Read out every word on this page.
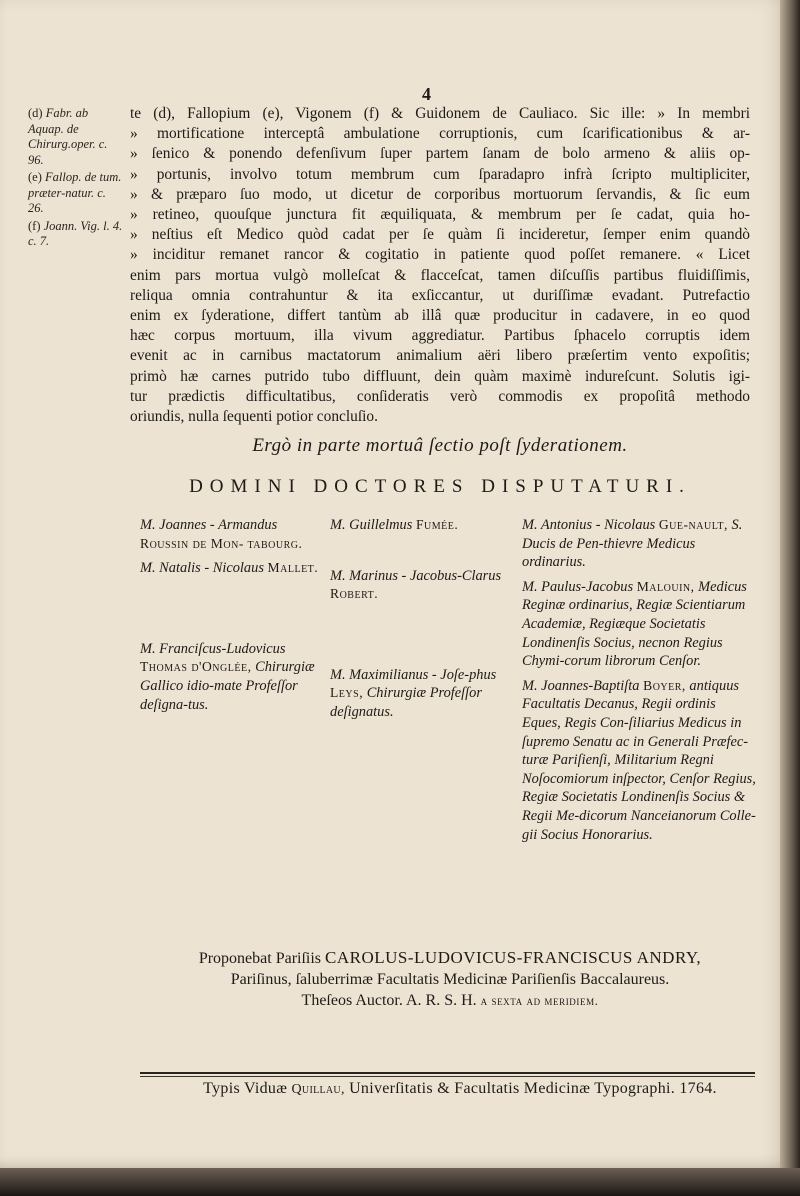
4
(d) Fabr. ab Aquap. de Chirurg.oper. c. 96.
(e) Fallop. de tum. præter-natur. c. 26.
(f) Joann. Vig. l. 4. c. 7.
te (d), Fallopium (e), Vigonem (f) & Guidonem de Cauliaco. Sic ille: » In membri
» mortificatione interceptâ ambulatione corruptionis, cum ſcarificationibus & ar-
» ſenico & ponendo defenſivum ſuper partem ſanam de bolo armeno & aliis op-
» portunis, involvo totum membrum cum ſparadapro infrà ſcripto multipliciter,
» & præparo ſuo modo, ut dicetur de corporibus mortuorum ſervandis, & ſic eum
» retineo, quouſque junctura fit æquiliquata, & membrum per ſe cadat, quia ho-
» neſtius eſt Medico quòd cadat per ſe quàm ſi incideretur, ſemper enim quandò
» inciditur remanet rancor & cogitatio in patiente quod poſſet remanere. « Licet
enim pars mortua vulgò molleſcat & flacceſcat, tamen diſcuſſis partibus fluidiſſimis,
reliqua omnia contrahuntur & ita exſiccantur, ut duriſſimæ evadant. Putrefactio
enim ex ſyderatione, differt tantùm ab illâ quæ producitur in cadavere, in eo quod
hæc corpus mortuum, illa vivum aggrediatur. Partibus ſphacelo corruptis idem
evenit ac in carnibus mactatorum animalium aëri libero præſertim vento expoſitis;
primò hæ carnes putrido tubo diffluunt, dein quàm maximè indureſcunt. Solutis igi-
tur prædictis difficultatibus, conſideratis verò commodis ex propoſitâ methodo
oriundis, nulla ſequenti potior concluſio.
Ergò in parte mortuâ ſectio poſt ſyderationem.
DOMINI DOCTORES DISPUTATURI.
M. Joannes - Armandus Roussin de Mon- tabourg.
M. Natalis - Nicolaus Mallet.
M. Franciſcus-Ludovicus Thomas d'Onglée, Chirurgiæ Gallico idio-mate Profeſſor deſigna-tus.
M. Guillelmus Fumée.
M. Marinus - Jacobus-Clarus Robert.
M. Maximilianus - Joſe-phus Leys, Chirurgiæ Profeſſor deſignatus.
M. Antonius - Nicolaus Gue-nault, S. Ducis de Pen-thievre Medicus ordinarius.
M. Paulus-Jacobus Malouin, Medicus Reginæ ordinarius, Regiæ Scientiarum Academiæ, Regiæque Societatis Londinenſis Socius, necnon Regius Chymi-corum librorum Cenſor.
M. Joannes-Baptiſta Boyer, antiquus Facultatis Decanus, Regii ordinis Eques, Regis Con-ſiliarius Medicus in ſupremo Senatu ac in Generali Præfec-turæ Pariſienſi, Militarium Regni Noſocomiorum inſpector, Cenſor Regius, Regiæ Societatis Londinenſis Socius & Regii Me-dicorum Nanceianorum Colle-gii Socius Honorarius.
Proponebat Pariſiis CAROLUS-LUDOVICUS-FRANCISCUS ANDRY,
Pariſinus, ſaluberrimæ Facultatis Medicinæ Pariſienſis Baccalaureus.
Theſeos Auctor. A. R. S. H. a sexta ad meridiem.
Typis Viduæ Quillau, Univerſitatis & Facultatis Medicinæ Typographi. 1764.
